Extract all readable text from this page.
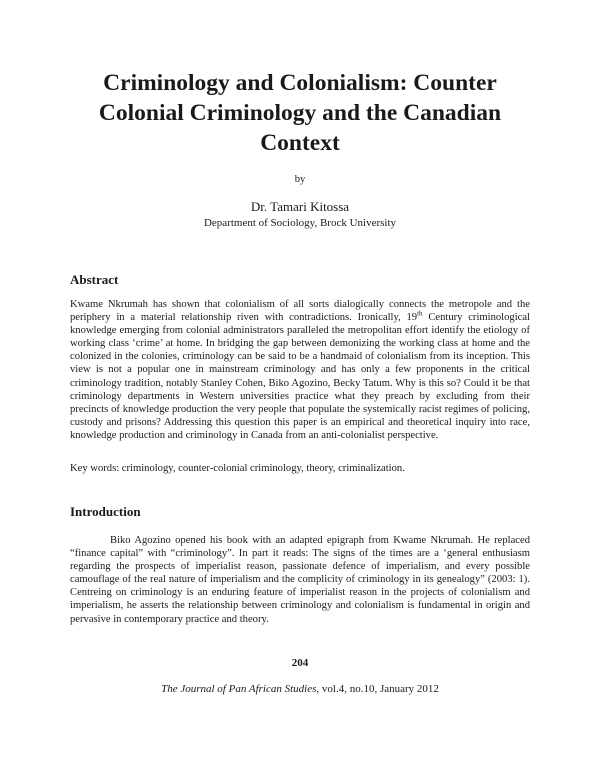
Criminology and Colonialism: Counter
Colonial Criminology and the Canadian
Context
by
Dr. Tamari Kitossa
Department of Sociology, Brock University
Abstract

Kwame Nkrumah has shown that colonialism of all sorts dialogically connects the metropole and the periphery in a material relationship riven with contradictions. Ironically, 19th Century criminological knowledge emerging from colonial administrators paralleled the metropolitan effort identify the etiology of working class ‘crime’ at home. In bridging the gap between demonizing the working class at home and the colonized in the colonies, criminology can be said to be a handmaid of colonialism from its inception. This view is not a popular one in mainstream criminology and has only a few proponents in the critical criminology tradition, notably Stanley Cohen, Biko Agozino, Becky Tatum. Why is this so? Could it be that criminology departments in Western universities practice what they preach by excluding from their precincts of knowledge production the very people that populate the systemically racist regimes of policing, custody and prisons? Addressing this question this paper is an empirical and theoretical inquiry into race, knowledge production and criminology in Canada from an anti-colonialist perspective.

Key words: criminology, counter-colonial criminology, theory, criminalization.

Introduction

Biko Agozino opened his book with an adapted epigraph from Kwame Nkrumah. He replaced “finance capital” with “criminology”. In part it reads: The signs of the times are a ‘general enthusiasm regarding the prospects of imperialist reason, passionate defence of imperialism, and every possible camouflage of the real nature of imperialism and the complicity of criminology in its genealogy” (2003: 1). Centreing on criminology is an enduring feature of imperialist reason in the projects of colonialism and imperialism, he asserts the relationship between criminology and colonialism is fundamental in origin and pervasive in contemporary practice and theory.

204
The Journal of Pan African Studies, vol.4, no.10, January 2012
